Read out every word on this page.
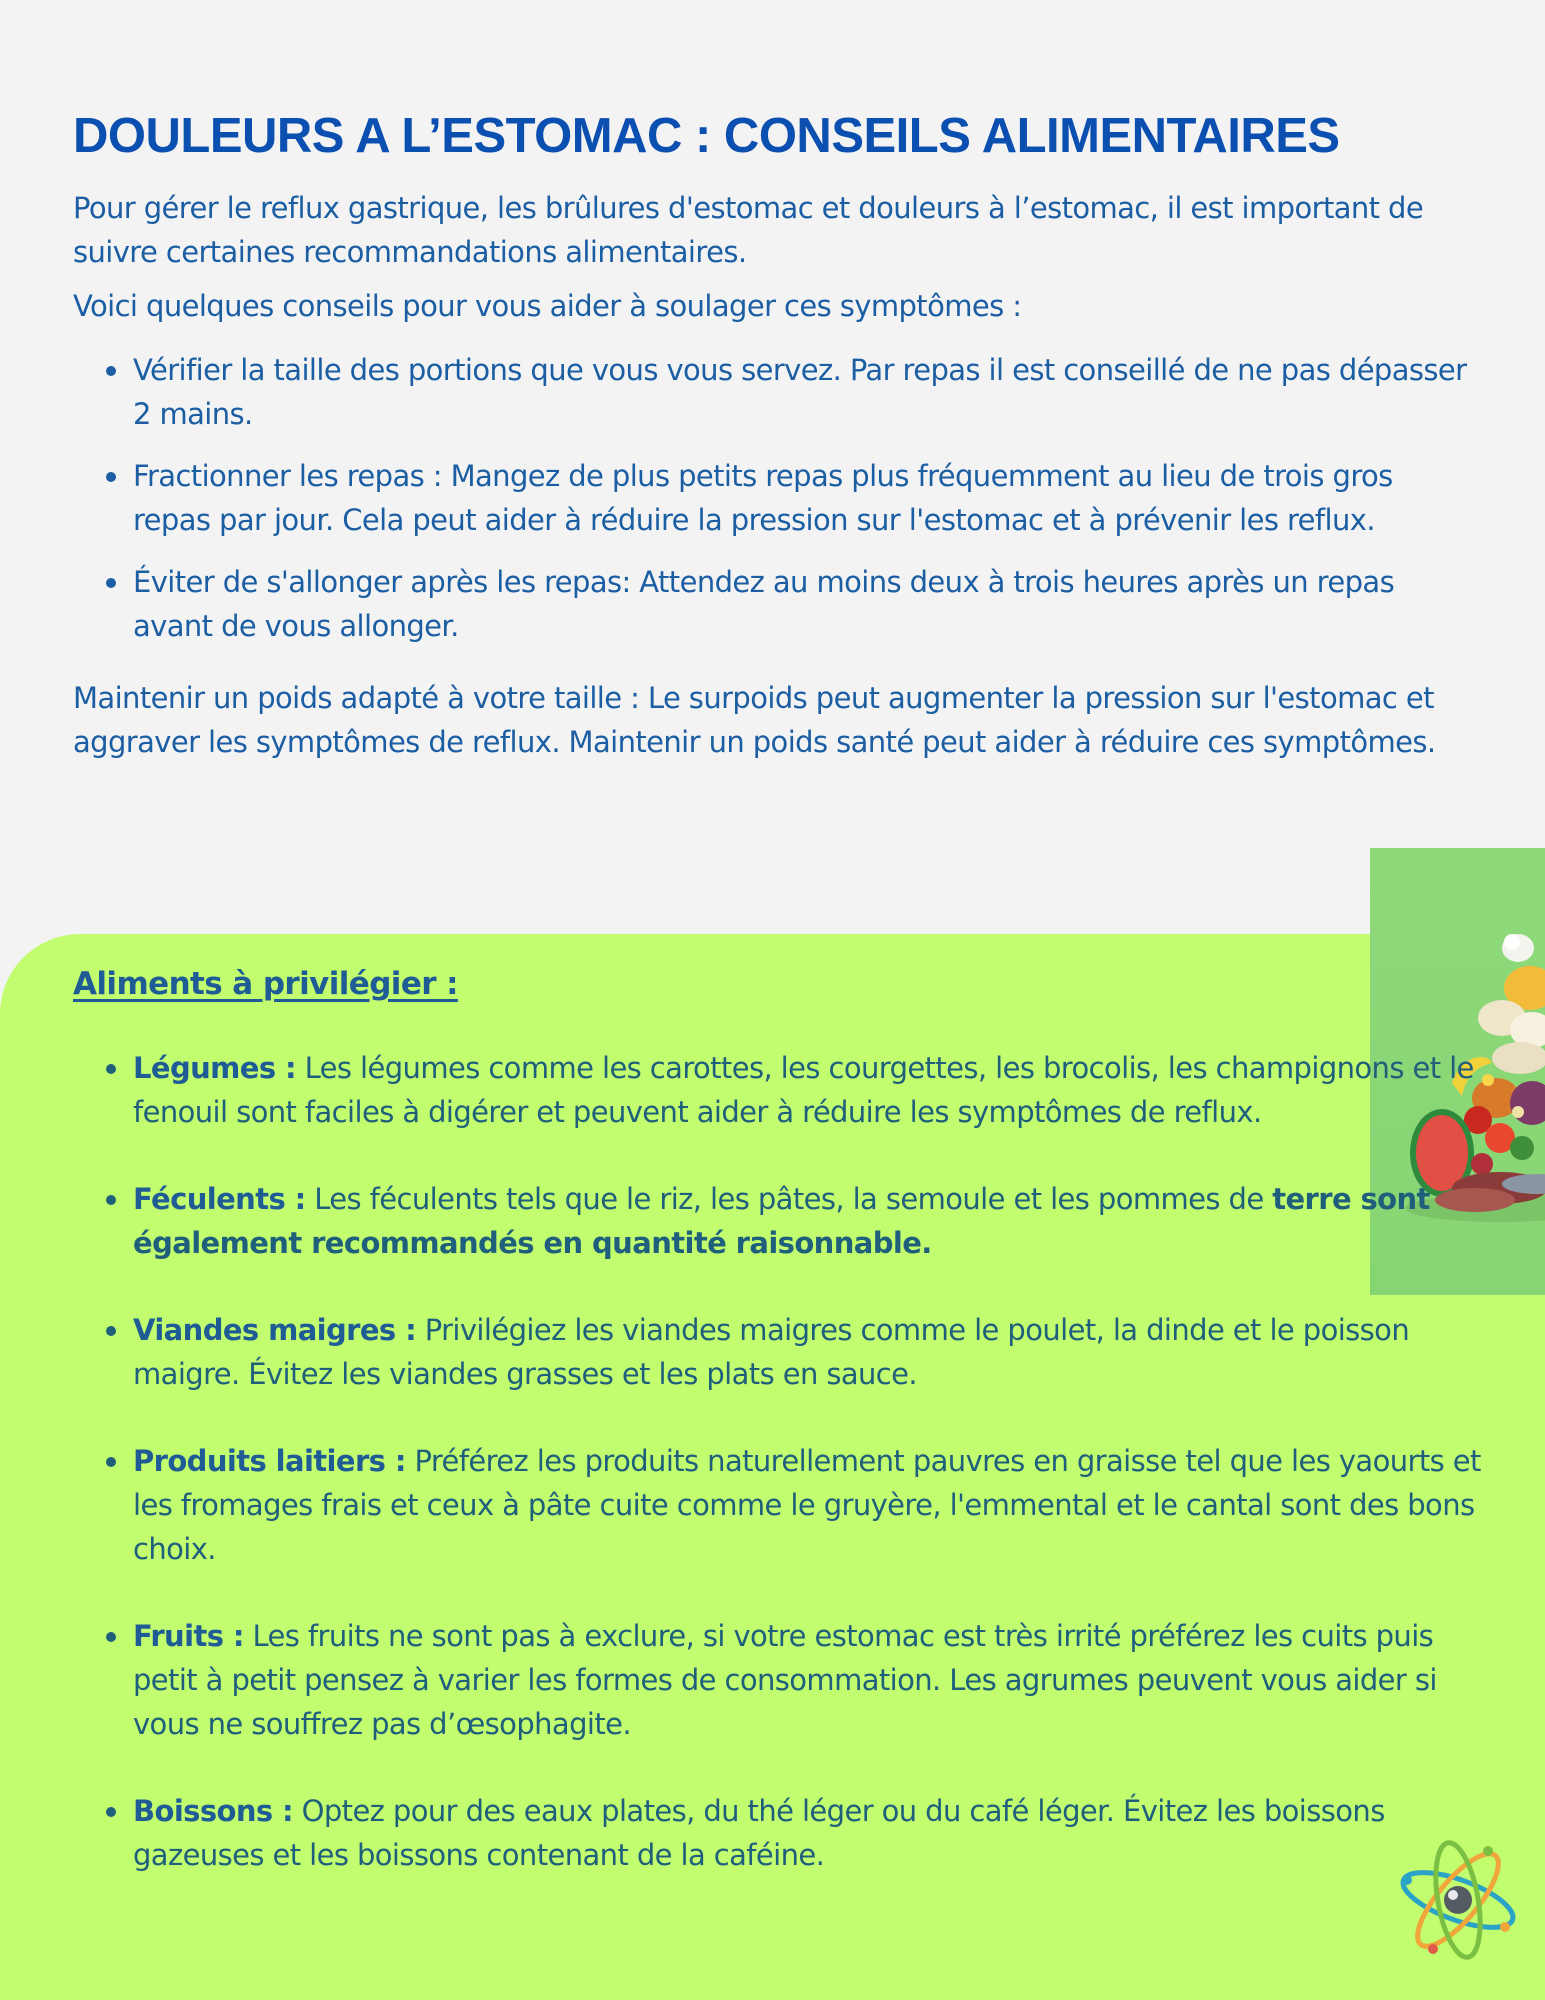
DOULEURS A L’ESTOMAC : CONSEILS ALIMENTAIRES

Pour gérer le reflux gastrique, les brûlures d'estomac et douleurs à l’estomac, il est important de suivre certaines recommandations alimentaires.

Voici quelques conseils pour vous aider à soulager ces symptômes :

Vérifier la taille des portions que vous vous servez. Par repas il est conseillé de ne pas dépasser 2 mains.
Fractionner les repas : Mangez de plus petits repas plus fréquemment au lieu de trois gros repas par jour. Cela peut aider à réduire la pression sur l'estomac et à prévenir les reflux.
Éviter de s'allonger après les repas: Attendez au moins deux à trois heures après un repas avant de vous allonger.

Maintenir un poids adapté à votre taille : Le surpoids peut augmenter la pression sur l'estomac et aggraver les symptômes de reflux. Maintenir un poids santé peut aider à réduire ces symptômes.

Aliments à privilégier :
Légumes : Les légumes comme les carottes, les courgettes, les brocolis, les champignons et le fenouil sont faciles à digérer et peuvent aider à réduire les symptômes de reflux.
Féculents : Les féculents tels que le riz, les pâtes, la semoule et les pommes de terre sont également recommandés en quantité raisonnable.
Viandes maigres : Privilégiez les viandes maigres comme le poulet, la dinde et le poisson maigre. Évitez les viandes grasses et les plats en sauce.
Produits laitiers : Préférez les produits naturellement pauvres en graisse tel que les yaourts et les fromages frais et ceux à pâte cuite comme le gruyère, l'emmental et le cantal sont des bons choix.
Fruits : Les fruits ne sont pas à exclure, si votre estomac est très irrité préférez les cuits puis petit à petit pensez à varier les formes de consommation. Les agrumes peuvent vous aider si vous ne souffrez pas d’œsophagite.
Boissons : Optez pour des eaux plates, du thé léger ou du café léger. Évitez les boissons gazeuses et les boissons contenant de la caféine.
